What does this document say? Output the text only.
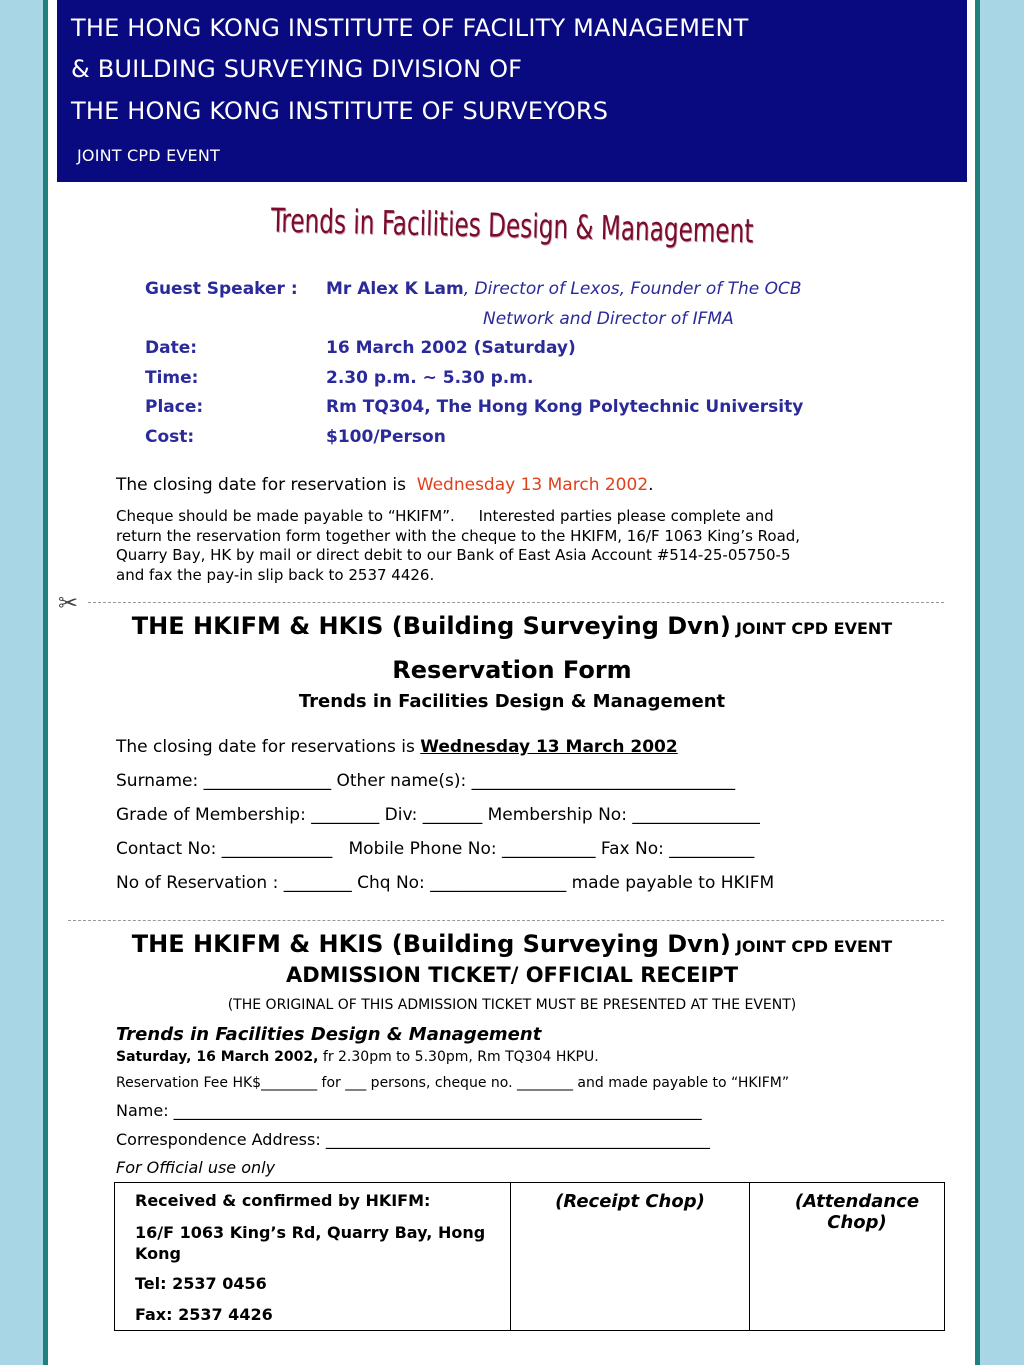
THE HONG KONG INSTITUTE OF FACILITY MANAGEMENT
& BUILDING SURVEYING DIVISION OF
THE HONG KONG INSTITUTE OF SURVEYORS
JOINT CPD EVENT
Trends in Facilities Design & Management
Guest Speaker : Mr Alex K Lam, Director of Lexos, Founder of The OCB
Network and Director of IFMA
Date:	16 March 2002 (Saturday)
Time:	2.30 p.m. ~ 5.30 p.m.
Place:	Rm TQ304, The Hong Kong Polytechnic University
Cost:	$100/Person
The closing date for reservation is Wednesday 13 March 2002.
Cheque should be made payable to “HKIFM”.     Interested parties please complete and
return the reservation form together with the cheque to the HKIFM, 16/F 1063 King’s Road,
Quarry Bay, HK by mail or direct debit to our Bank of East Asia Account #514-25-05750-5
and fax the pay-in slip back to 2537 4426.
✂
THE HKIFM & HKIS (Building Surveying Dvn) JOINT CPD EVENT
Reservation Form
Trends in Facilities Design & Management
The closing date for reservations is Wednesday 13 March 2002
Surname: _______________ Other name(s): _______________________________
Grade of Membership: ________ Div: _______ Membership No: _______________
Contact No: _____________   Mobile Phone No: ___________ Fax No: __________
No of Reservation : ________ Chq No: ________________ made payable to HKIFM
THE HKIFM & HKIS (Building Surveying Dvn) JOINT CPD EVENT
ADMISSION TICKET/ OFFICIAL RECEIPT
(THE ORIGINAL OF THIS ADMISSION TICKET MUST BE PRESENTED AT THE EVENT)
Trends in Facilities Design & Management
Saturday, 16 March 2002, fr 2.30pm to 5.30pm, Rm TQ304 HKPU.
Reservation Fee HK$________ for ___ persons, cheque no. ________ and made payable to “HKIFM”
Name: __________________________________________________________________
Correspondence Address: ________________________________________________
For Official use only

Received & confirmed by HKIFM:

16/F 1063 King’s Rd, Quarry Bay, Hong Kong

Tel: 2537 0456

Fax: 2537 4426

	(Receipt Chop)	(Attendance Chop)
